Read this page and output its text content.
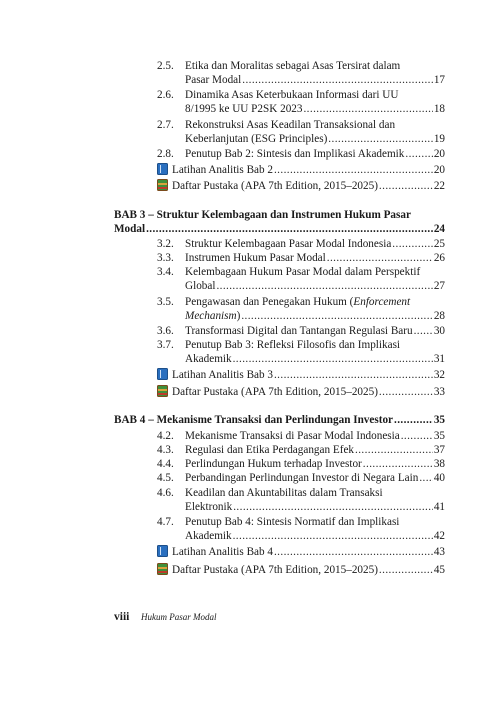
2.5. Etika dan Moralitas sebagai Asas Tersirat dalam
Pasar Modal .....	17
2.6. Dinamika Asas Keterbukaan Informasi dari UU
8/1995 ke UU P2SK 2023 .....	18
2.7. Rekonstruksi Asas Keadilan Transaksional dan
Keberlanjutan (ESG Principles) .....	19
2.8. Penutup Bab 2: Sintesis dan Implikasi Akademik .....	20
Latihan Analitis Bab 2 .....	20
Daftar Pustaka (APA 7th Edition, 2015–2025) .....	22
BAB 3 – Struktur Kelembagaan dan Instrumen Hukum Pasar
Modal .....	24
3.2. Struktur Kelembagaan Pasar Modal Indonesia .....	25
3.3. Instrumen Hukum Pasar Modal .....	26
3.4. Kelembagaan Hukum Pasar Modal dalam Perspektif
Global .....	27
3.5. Pengawasan dan Penegakan Hukum (Enforcement
Mechanism) .....	28
3.6. Transformasi Digital dan Tantangan Regulasi Baru ..... 30
3.7. Penutup Bab 3: Refleksi Filosofis dan Implikasi
Akademik .....	31
Latihan Analitis Bab 3 .....	32
Daftar Pustaka (APA 7th Edition, 2015–2025) .....	33
BAB 4 – Mekanisme Transaksi dan Perlindungan Investor .....	35
4.2. Mekanisme Transaksi di Pasar Modal Indonesia .....	35
4.3. Regulasi dan Etika Perdagangan Efek .....	37
4.4. Perlindungan Hukum terhadap Investor .....	38
4.5. Perbandingan Perlindungan Investor di Negara Lain ..... 40
4.6. Keadilan dan Akuntabilitas dalam Transaksi
Elektronik .....	41
4.7. Penutup Bab 4: Sintesis Normatif dan Implikasi
Akademik .....	42
Latihan Analitis Bab 4 .....	43
Daftar Pustaka (APA 7th Edition, 2015–2025) .....	45
viii Hukum Pasar Modal
